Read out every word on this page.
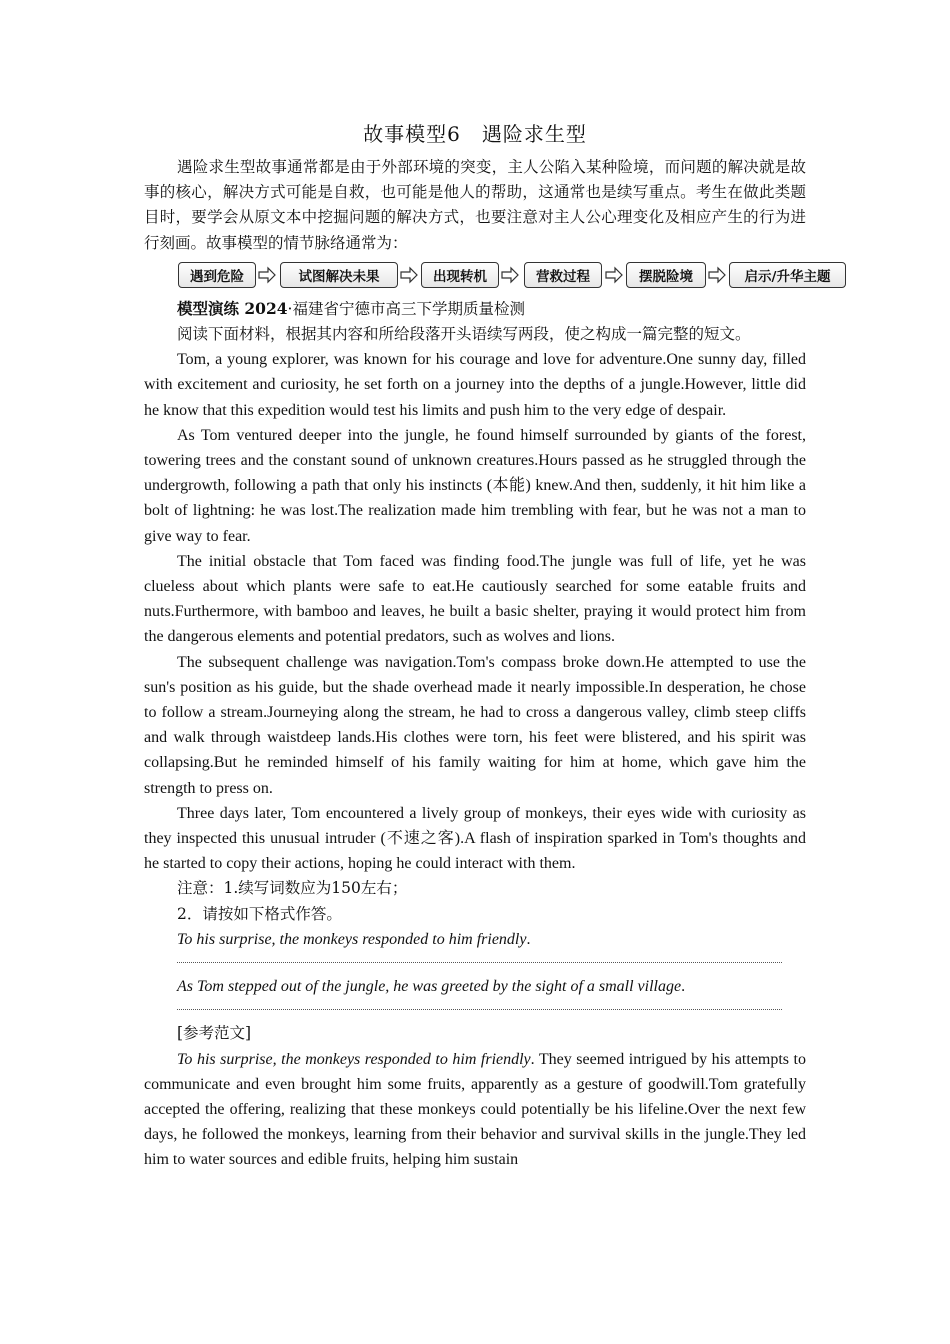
故事模型6　遇险求生型

遇险求生型故事通常都是由于外部环境的突变，主人公陷入某种险境，而问题的解决就是故事的核心，解决方式可能是自救，也可能是他人的帮助，这通常也是续写重点。考生在做此类题目时，要学会从原文本中挖掘问题的解决方式，也要注意对主人公心理变化及相应产生的行为进行刻画。故事模型的情节脉络通常为：

遇到危险	试图解决未果	出现转机	营救过程	摆脱险境	启示/升华主题

模型演练 2024·福建省宁德市高三下学期质量检测

阅读下面材料，根据其内容和所给段落开头语续写两段，使之构成一篇完整的短文。

Tom, a young explorer, was known for his courage and love for adventure.One sunny day, filled with excitement and curiosity, he set forth on a journey into the depths of a jungle.However, little did he know that this expedition would test his limits and push him to the very edge of despair.

As Tom ventured deeper into the jungle, he found himself surrounded by giants of the forest, towering trees and the constant sound of unknown creatures.Hours passed as he struggled through the undergrowth, following a path that only his instincts (本能) knew.And then, suddenly, it hit him like a bolt of lightning: he was lost.The realization made him trembling with fear, but he was not a man to give way to fear.

The initial obstacle that Tom faced was finding food.The jungle was full of life, yet he was clueless about which plants were safe to eat.He cautiously searched for some eatable fruits and nuts.Furthermore, with bamboo and leaves, he built a basic shelter, praying it would protect him from the dangerous elements and potential predators, such as wolves and lions.

The subsequent challenge was navigation.Tom's compass broke down.He attempted to use the sun's position as his guide, but the shade overhead made it nearly impossible.In desperation, he chose to follow a stream.Journeying along the stream, he had to cross a dangerous valley, climb steep cliffs and walk through waistdeep lands.His clothes were torn, his feet were blistered, and his spirit was collapsing.But he reminded himself of his family waiting for him at home, which gave him the strength to press on.

Three days later, Tom encountered a lively group of monkeys, their eyes wide with curiosity as they inspected this unusual intruder (不速之客).A flash of inspiration sparked in Tom's thoughts and he started to copy their actions, hoping he could interact with them.

注意：1.续写词数应为150左右；

2．请按如下格式作答。

To his surprise, the monkeys responded to him friendly.

As Tom stepped out of the jungle, he was greeted by the sight of a small village.

[参考范文]

To his surprise, the monkeys responded to him friendly. They seemed intrigued by his attempts to communicate and even brought him some fruits, apparently as a gesture of goodwill.Tom gratefully accepted the offering, realizing that these monkeys could potentially be his lifeline.Over the next few days, he followed the monkeys, learning from their behavior and survival skills in the jungle.They led him to water sources and edible fruits, helping him sustain
